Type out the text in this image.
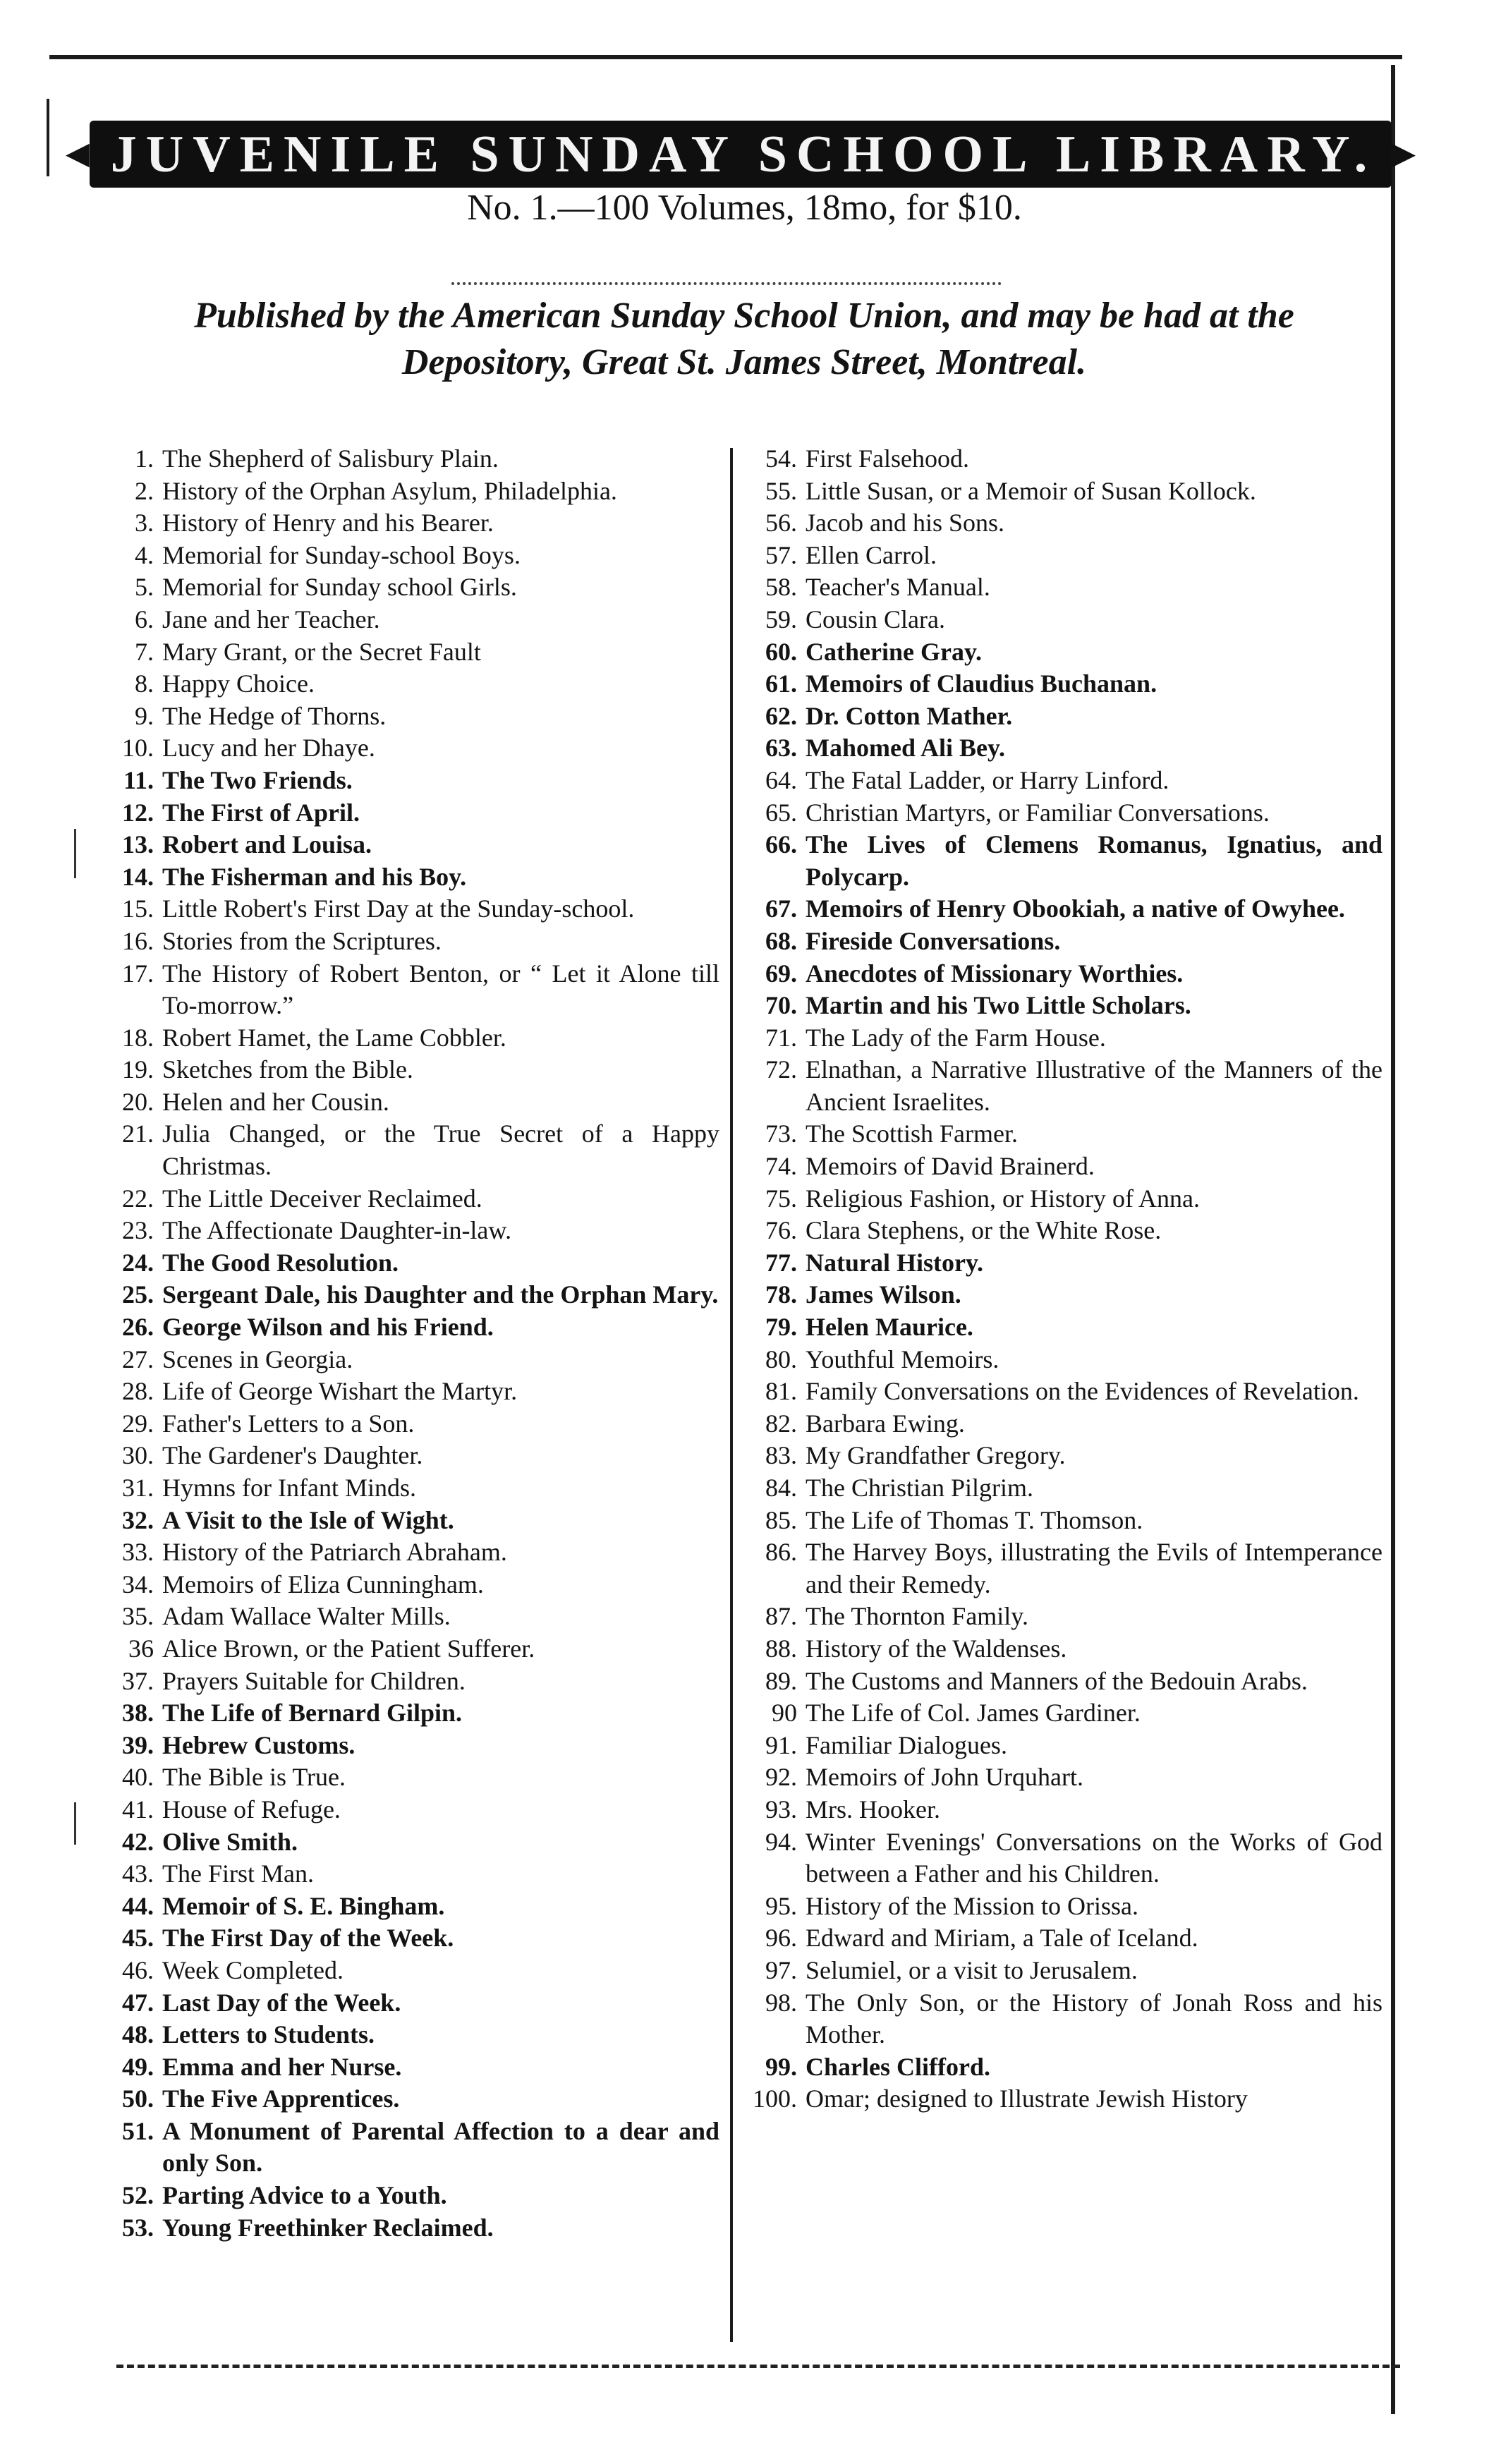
◀ JUVENILE SUNDAY SCHOOL LIBRARY. ▶
No. 1.—100 Volumes, 18mo, for $10.
Published by the American Sunday School Union, and may be had at the Depository, Great St. James Street, Montreal.
1. The Shepherd of Salisbury Plain.
2. History of the Orphan Asylum, Philadelphia.
3. History of Henry and his Bearer.
4. Memorial for Sunday-school Boys.
5. Memorial for Sunday school Girls.
6. Jane and her Teacher.
7. Mary Grant, or the Secret Fault
8. Happy Choice.
9. The Hedge of Thorns.
10. Lucy and her Dhaye.
11. The Two Friends.
12. The First of April.
13. Robert and Louisa.
14. The Fisherman and his Boy.
15. Little Robert's First Day at the Sunday-school.
16. Stories from the Scriptures.
17. The History of Robert Benton, or “ Let it Alone till To-morrow.”
18. Robert Hamet, the Lame Cobbler.
19. Sketches from the Bible.
20. Helen and her Cousin.
21. Julia Changed, or the True Secret of a Happy Christmas.
22. The Little Deceiver Reclaimed.
23. The Affectionate Daughter-in-law.
24. The Good Resolution.
25. Sergeant Dale, his Daughter and the Orphan Mary.
26. George Wilson and his Friend.
27. Scenes in Georgia.
28. Life of George Wishart the Martyr.
29. Father's Letters to a Son.
30. The Gardener's Daughter.
31. Hymns for Infant Minds.
32. A Visit to the Isle of Wight.
33. History of the Patriarch Abraham.
34. Memoirs of Eliza Cunningham.
35. Adam Wallace Walter Mills.
36 Alice Brown, or the Patient Sufferer.
37. Prayers Suitable for Children.
38. The Life of Bernard Gilpin.
39. Hebrew Customs.
40. The Bible is True.
41. House of Refuge.
42. Olive Smith.
43. The First Man.
44. Memoir of S. E. Bingham.
45. The First Day of the Week.
46. Week Completed.
47. Last Day of the Week.
48. Letters to Students.
49. Emma and her Nurse.
50. The Five Apprentices.
51. A Monument of Parental Affection to a dear and only Son.
52. Parting Advice to a Youth.
53. Young Freethinker Reclaimed.
54. First Falsehood.
55. Little Susan, or a Memoir of Susan Kollock.
56. Jacob and his Sons.
57. Ellen Carrol.
58. Teacher's Manual.
59. Cousin Clara.
60. Catherine Gray.
61. Memoirs of Claudius Buchanan.
62. Dr. Cotton Mather.
63. Mahomed Ali Bey.
64. The Fatal Ladder, or Harry Linford.
65. Christian Martyrs, or Familiar Conversations.
66. The Lives of Clemens Romanus, Ignatius, and Polycarp.
67. Memoirs of Henry Obookiah, a native of Owyhee.
68. Fireside Conversations.
69. Anecdotes of Missionary Worthies.
70. Martin and his Two Little Scholars.
71. The Lady of the Farm House.
72. Elnathan, a Narrative Illustrative of the Manners of the Ancient Israelites.
73. The Scottish Farmer.
74. Memoirs of David Brainerd.
75. Religious Fashion, or History of Anna.
76. Clara Stephens, or the White Rose.
77. Natural History.
78. James Wilson.
79. Helen Maurice.
80. Youthful Memoirs.
81. Family Conversations on the Evidences of Revelation.
82. Barbara Ewing.
83. My Grandfather Gregory.
84. The Christian Pilgrim.
85. The Life of Thomas T. Thomson.
86. The Harvey Boys, illustrating the Evils of Intemperance and their Remedy.
87. The Thornton Family.
88. History of the Waldenses.
89. The Customs and Manners of the Bedouin Arabs.
90 The Life of Col. James Gardiner.
91. Familiar Dialogues.
92. Memoirs of John Urquhart.
93. Mrs. Hooker.
94. Winter Evenings' Conversations on the Works of God between a Father and his Children.
95. History of the Mission to Orissa.
96. Edward and Miriam, a Tale of Iceland.
97. Selumiel, or a visit to Jerusalem.
98. The Only Son, or the History of Jonah Ross and his Mother.
99. Charles Clifford.
100. Omar; designed to Illustrate Jewish History
